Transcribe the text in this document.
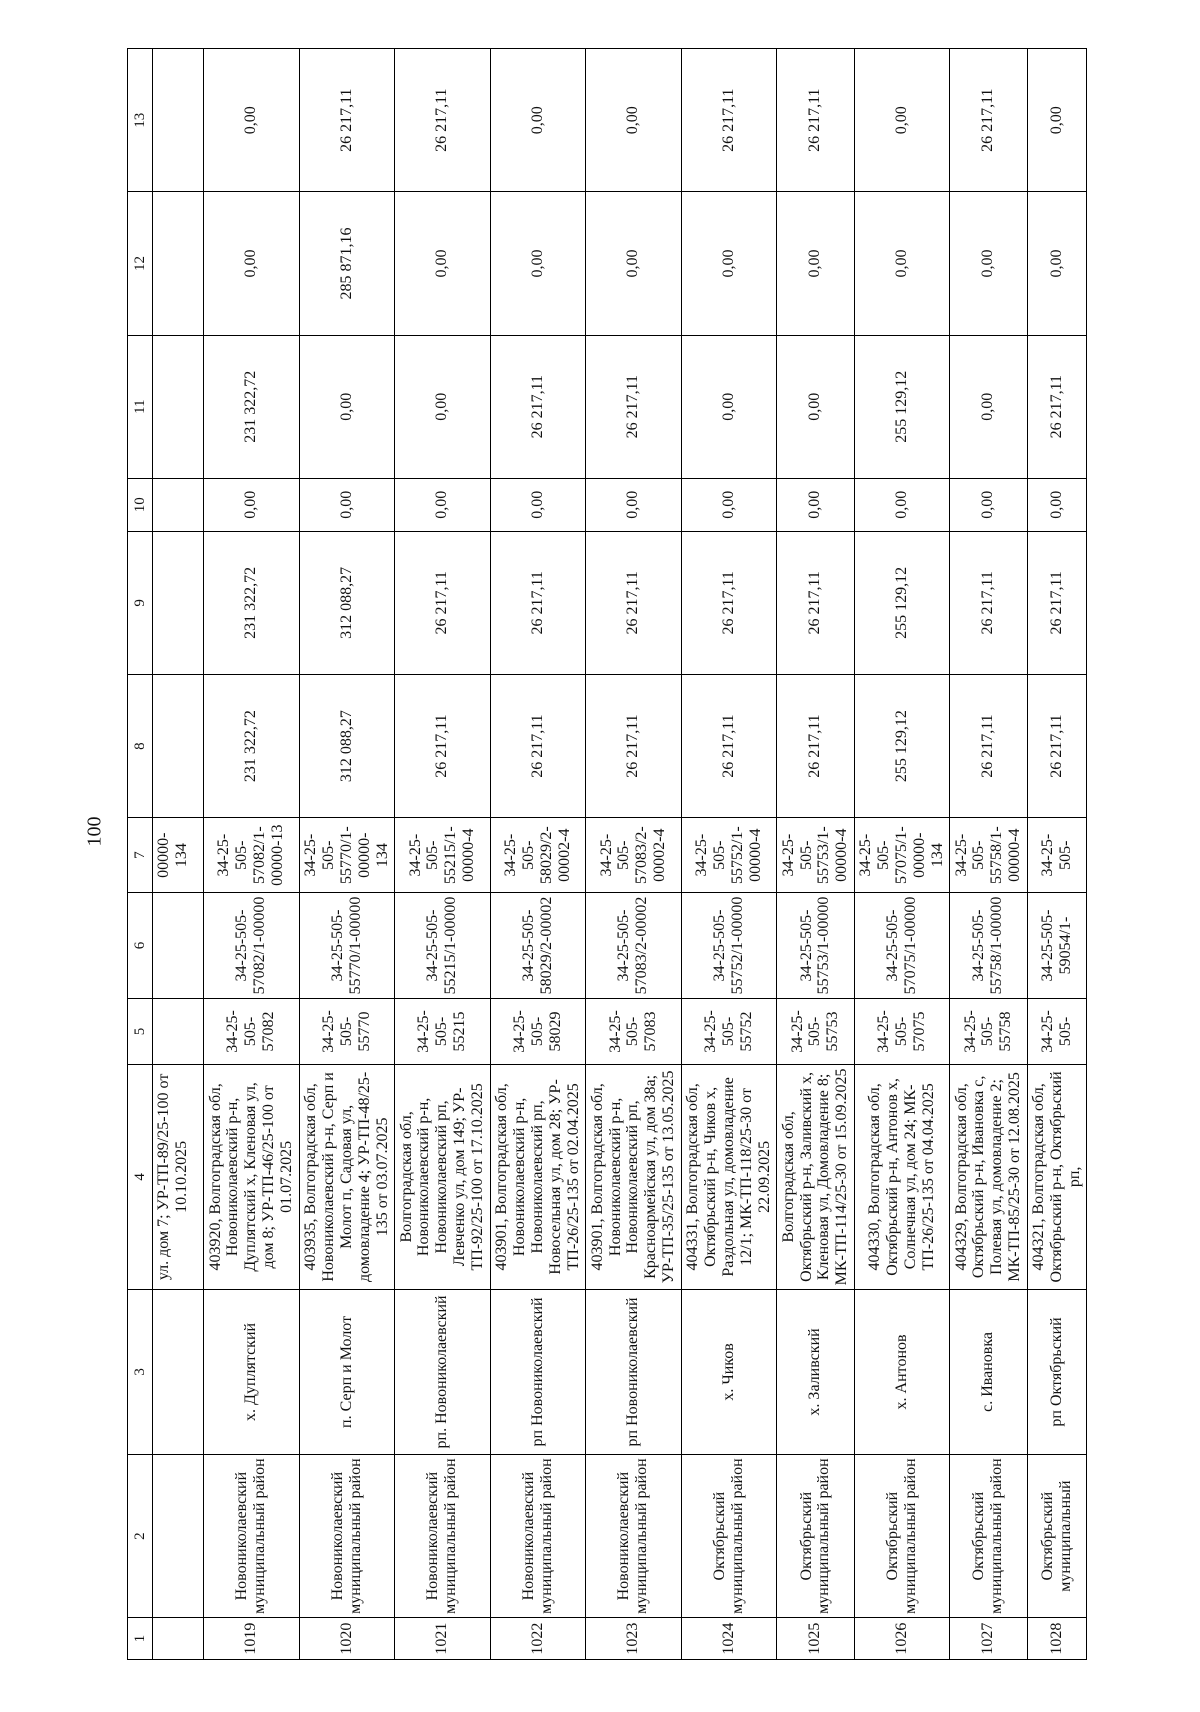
100
1	2	3	4	5	6	7	8	9	10	11	12	13
			ул. дом 7; УР-ТП-89/25-100 от 10.10.2025			00000-134						
1019	Новониколаевский муниципальный район	х. Дуплятский	403920, Волгоградская обл, Новониколаевский р-н, Дуплятский х, Кленовая ул, дом 8; УР-ТП-46/25-100 от 01.07.2025	34-25-505-57082	34-25-505-57082/1-00000	34-25-505-57082/1-00000-13	231 322,72	231 322,72	0,00	231 322,72	0,00	0,00
1020	Новониколаевский муниципальный район	п. Серп и Молот	403935, Волгоградская обл, Новониколаевский р-н, Серп и Молот п, Садовая ул, домовладение 4; УР-ТП-48/25-135 от 03.07.2025	34-25-505-55770	34-25-505-55770/1-00000	34-25-505-55770/1-00000-134	312 088,27	312 088,27	0,00	0,00	285 871,16	26 217,11
1021	Новониколаевский муниципальный район	рп. Новониколаевский	Волгоградская обл, Новониколаевский р-н, Новониколаевский рп, Левченко ул, дом 149; УР-ТП-92/25-100 от 17.10.2025	34-25-505-55215	34-25-505-55215/1-00000	34-25-505-55215/1-00000-4	26 217,11	26 217,11	0,00	0,00	0,00	26 217,11
1022	Новониколаевский муниципальный район	рп Новониколаевский	403901, Волгоградская обл, Новониколаевский р-н, Новониколаевский рп, Новосельная ул, дом 28; УР-ТП-26/25-135 от 02.04.2025	34-25-505-58029	34-25-505-58029/2-00002	34-25-505-58029/2-00002-4	26 217,11	26 217,11	0,00	26 217,11	0,00	0,00
1023	Новониколаевский муниципальный район	рп Новониколаевский	403901, Волгоградская обл, Новониколаевский р-н, Новониколаевский рп, Красноармейская ул, дом 38а; УР-ТП-35/25-135 от 13.05.2025	34-25-505-57083	34-25-505-57083/2-00002	34-25-505-57083/2-00002-4	26 217,11	26 217,11	0,00	26 217,11	0,00	0,00
1024	Октябрьский муниципальный район	х. Чиков	404331, Волгоградская обл, Октябрьский р-н, Чиков х, Раздольная ул, домовладение 12/1; МК-ТП-118/25-30 от 22.09.2025	34-25-505-55752	34-25-505-55752/1-00000	34-25-505-55752/1-00000-4	26 217,11	26 217,11	0,00	0,00	0,00	26 217,11
1025	Октябрьский муниципальный район	х. Заливский	Волгоградская обл, Октябрьский р-н, Заливский х, Кленовая ул, Домовладение 8; МК-ТП-114/25-30 от 15.09.2025	34-25-505-55753	34-25-505-55753/1-00000	34-25-505-55753/1-00000-4	26 217,11	26 217,11	0,00	0,00	0,00	26 217,11
1026	Октябрьский муниципальный район	х. Антонов	404330, Волгоградская обл, Октябрьский р-н, Антонов х, Солнечная ул, дом 24; МК-ТП-26/25-135 от 04.04.2025	34-25-505-57075	34-25-505-57075/1-00000	34-25-505-57075/1-00000-134	255 129,12	255 129,12	0,00	255 129,12	0,00	0,00
1027	Октябрьский муниципальный район	с. Ивановка	404329, Волгоградская обл, Октябрьский р-н, Ивановка с, Полевая ул, домовладение 2; МК-ТП-85/25-30 от 12.08.2025	34-25-505-55758	34-25-505-55758/1-00000	34-25-505-55758/1-00000-4	26 217,11	26 217,11	0,00	0,00	0,00	26 217,11
1028	Октябрьский муниципальный	рп Октябрьский	404321, Волгоградская обл, Октябрьский р-н, Октябрьский рп,	34-25-505-	34-25-505-59054/1-	34-25-505-	26 217,11	26 217,11	0,00	26 217,11	0,00	0,00
